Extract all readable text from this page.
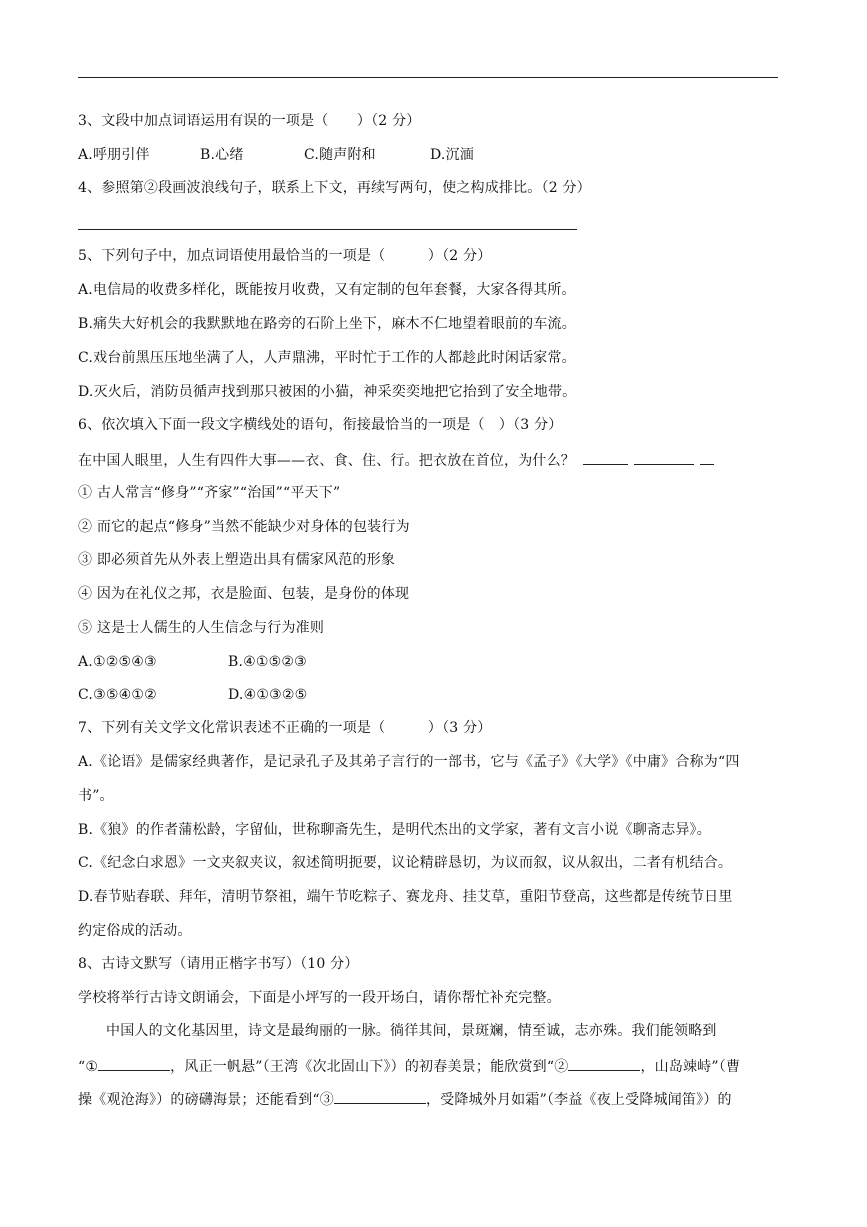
3、文段中加点词语运用有误的一项是（　　）（2 分）
A.呼朋引伴	B.心绪	C.随声附和	D.沉湎
4、参照第②段画波浪线句子，联系上下文，再续写两句，使之构成排比。（2 分）
5、下列句子中，加点词语使用最恰当的一项是（　　　）（2 分）
A.电信局的收费多样化，既能按月收费，又有定制的包年套餐，大家各得其所。
B.痛失大好机会的我默默地在路旁的石阶上坐下，麻木不仁地望着眼前的车流。
C.戏台前黑压压地坐满了人，人声鼎沸，平时忙于工作的人都趁此时闲话家常。
D.灭火后，消防员循声找到那只被困的小猫，神采奕奕地把它抬到了安全地带。
6、依次填入下面一段文字横线处的语句，衔接最恰当的一项是（　）（3 分）
在中国人眼里，人生有四件大事——衣、食、住、行。把衣放在首位，为什么？
① 古人常言“修身”“齐家”“治国”“平天下”
② 而它的起点“修身”当然不能缺少对身体的包装行为
③ 即必须首先从外表上塑造出具有儒家风范的形象
④ 因为在礼仪之邦，衣是脸面、包装，是身份的体现
⑤ 这是士人儒生的人生信念与行为准则
A.①②⑤④③	B.④①⑤②③
C.③⑤④①②	D.④①③②⑤
7、下列有关文学文化常识表述不正确的一项是（　　　）（3 分）
A.《论语》是儒家经典著作，是记录孔子及其弟子言行的一部书，它与《孟子》《大学》《中庸》合称为“四
书”。
B.《狼》的作者蒲松龄，字留仙，世称聊斋先生，是明代杰出的文学家，著有文言小说《聊斋志异》。
C.《纪念白求恩》一文夹叙夹议，叙述简明扼要，议论精辟恳切，为议而叙，议从叙出，二者有机结合。
D.春节贴春联、拜年，清明节祭祖，端午节吃粽子、赛龙舟、挂艾草，重阳节登高，这些都是传统节日里
约定俗成的活动。
8、古诗文默写（请用正楷字书写）（10 分）
学校将举行古诗文朗诵会，下面是小坪写的一段开场白，请你帮忙补充完整。
中国人的文化基因里，诗文是最绚丽的一脉。徜徉其间，景斑斓，情至诚，志亦殊。我们能领略到
“①	，风正一帆悬”（王湾《次北固山下》）的初春美景；能欣赏到“②	，山岛竦峙”（曹
操《观沧海》）的磅礴海景；还能看到“③	，受降城外月如霜”（李益《夜上受降城闻笛》）的
